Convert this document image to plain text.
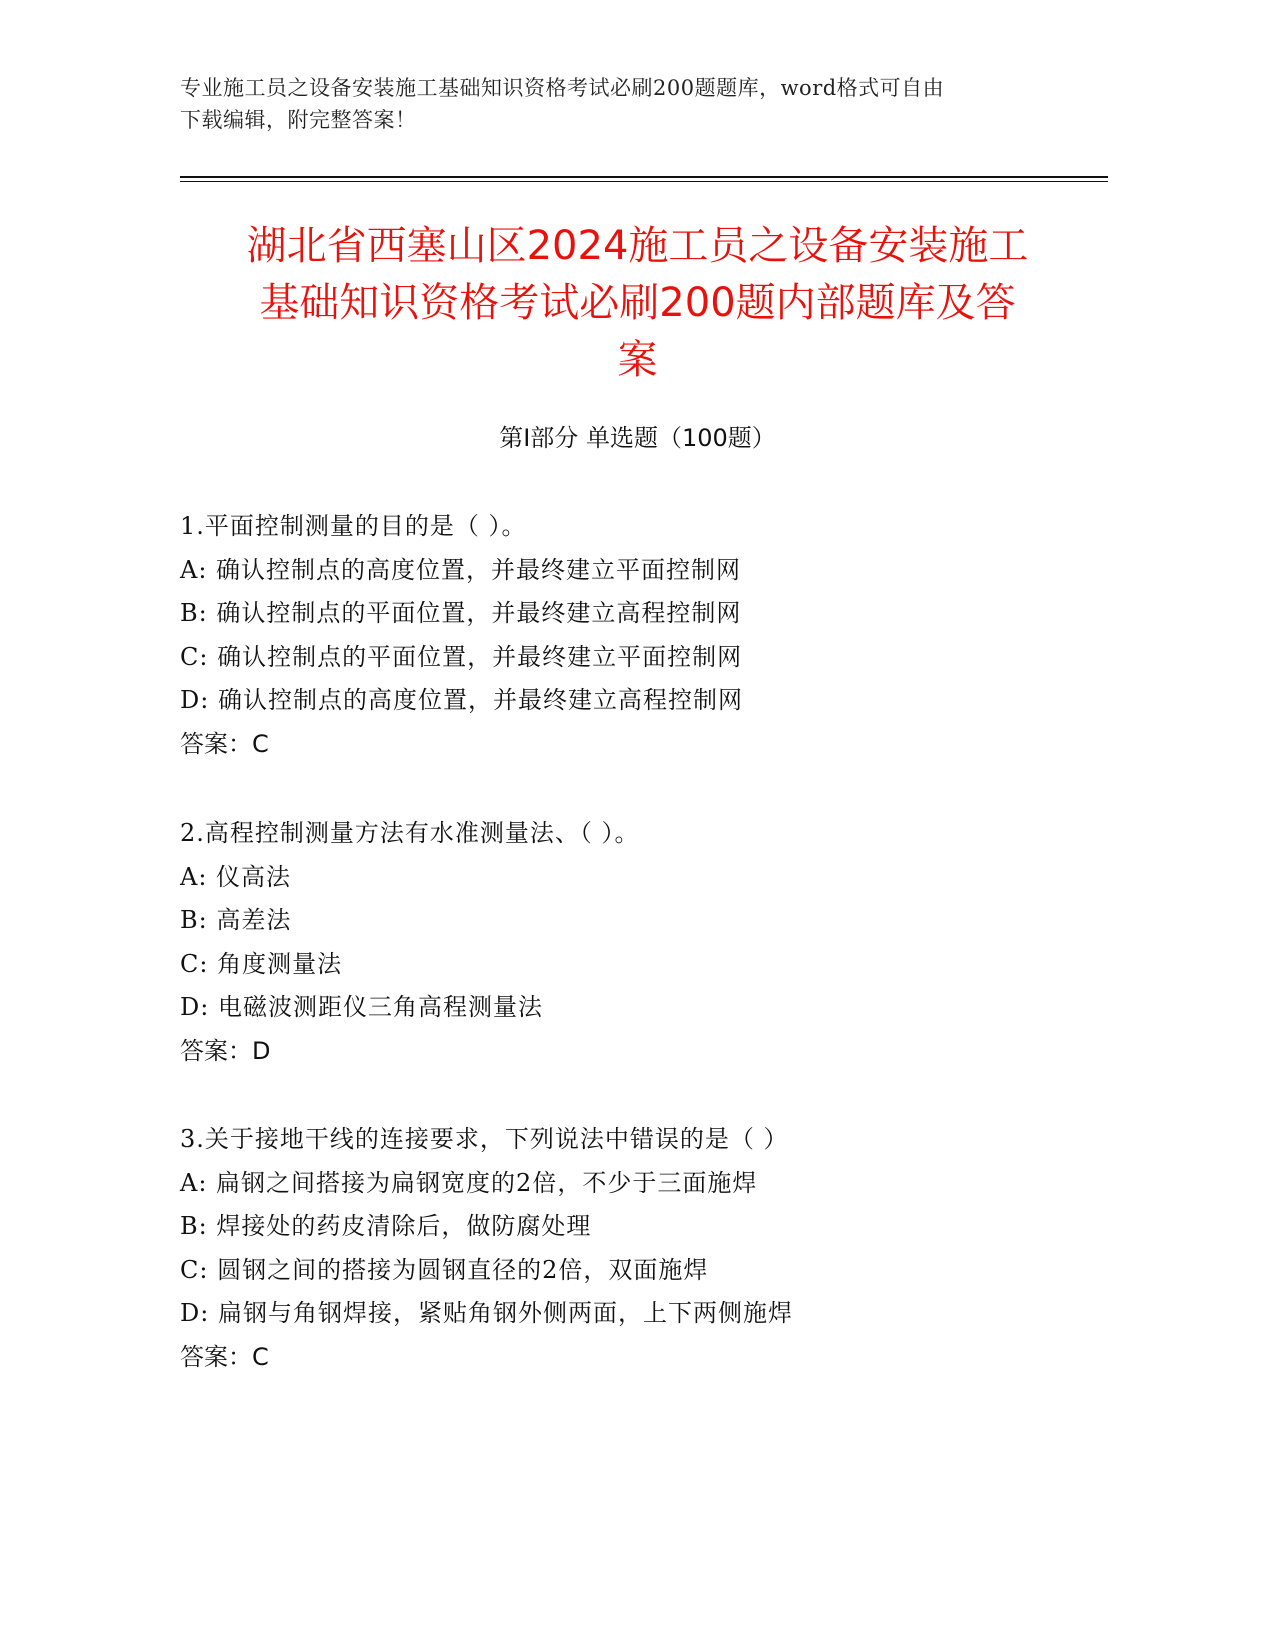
专业施工员之设备安装施工基础知识资格考试必刷200题题库，word格式可自由
下载编辑，附完整答案！
湖北省西塞山区2024施工员之设备安装施工
基础知识资格考试必刷200题内部题库及答
案
第Ⅰ部分 单选题（100题）
1.平面控制测量的目的是（ ）。
A: 确认控制点的高度位置，并最终建立平面控制网
B: 确认控制点的平面位置，并最终建立高程控制网
C: 确认控制点的平面位置，并最终建立平面控制网
D: 确认控制点的高度位置，并最终建立高程控制网
答案：C
2.高程控制测量方法有水准测量法、（ ）。
A: 仪高法
B: 高差法
C: 角度测量法
D: 电磁波测距仪三角高程测量法
答案：D
3.关于接地干线的连接要求，下列说法中错误的是（ ）
A: 扁钢之间搭接为扁钢宽度的2倍，不少于三面施焊
B: 焊接处的药皮清除后，做防腐处理
C: 圆钢之间的搭接为圆钢直径的2倍，双面施焊
D: 扁钢与角钢焊接，紧贴角钢外侧两面，上下两侧施焊
答案：C
